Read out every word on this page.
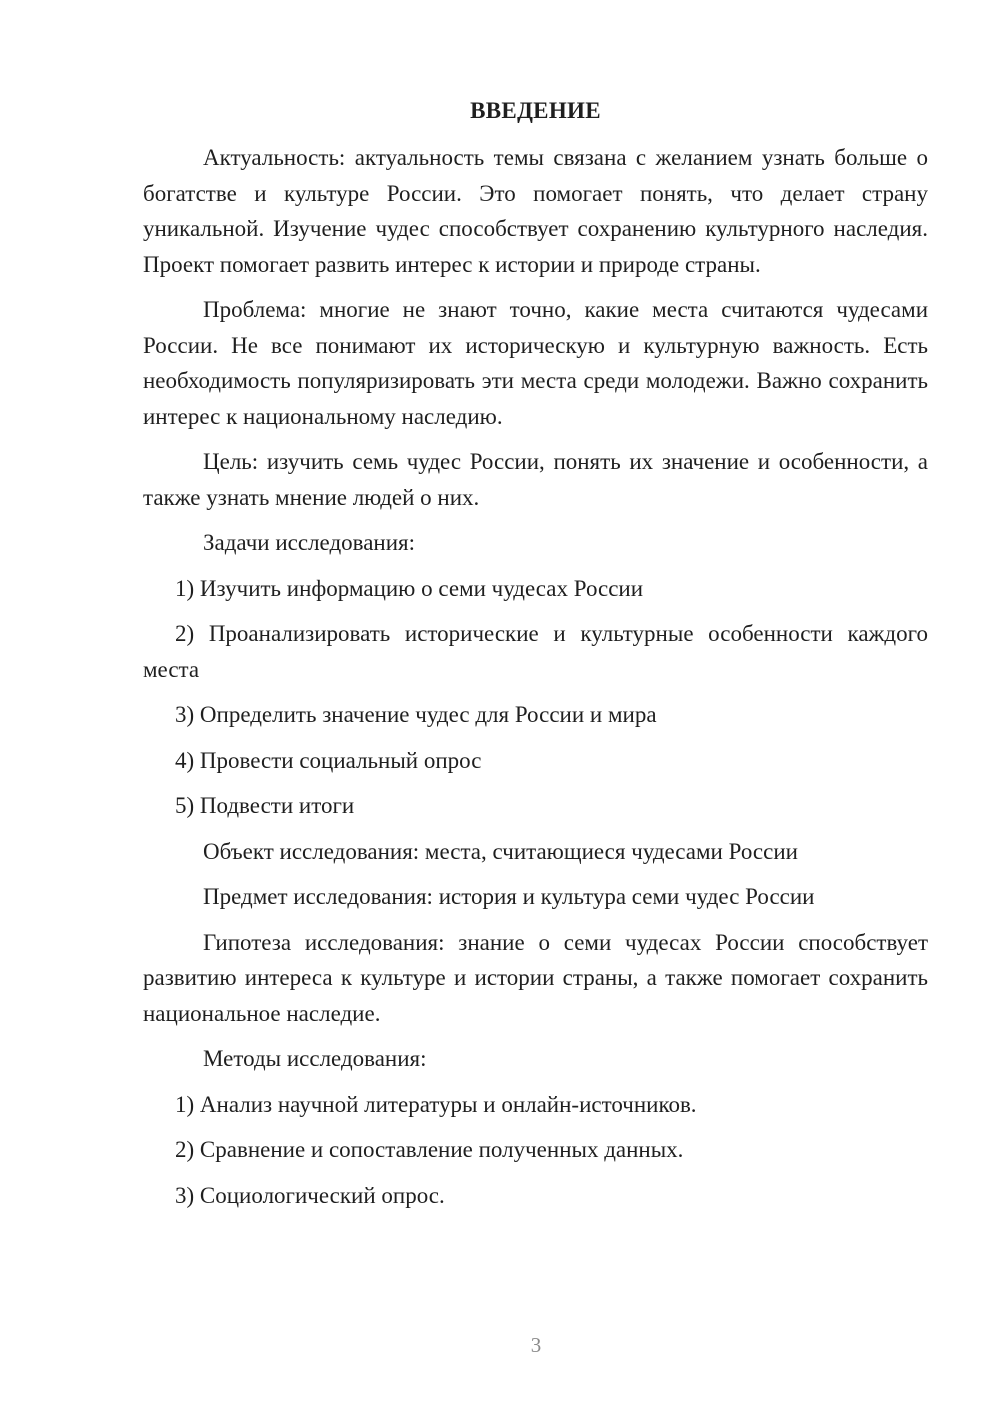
ВВЕДЕНИЕ

Актуальность: актуальность темы связана с желанием узнать больше о богатстве и культуре России. Это помогает понять, что делает страну уникальной. Изучение чудес способствует сохранению культурного наследия. Проект помогает развить интерес к истории и природе страны.

Проблема: многие не знают точно, какие места считаются чудесами России. Не все понимают их историческую и культурную важность. Есть необходимость популяризировать эти места среди молодежи. Важно сохранить интерес к национальному наследию.

Цель: изучить семь чудес России, понять их значение и особенности, а также узнать мнение людей о них.

Задачи исследования:

1) Изучить информацию о семи чудесах России

2) Проанализировать исторические и культурные особенности каждого места

3) Определить значение чудес для России и мира

4) Провести социальный опрос

5) Подвести итоги

Объект исследования: места, считающиеся чудесами России

Предмет исследования: история и культура семи чудес России

Гипотеза исследования: знание о семи чудесах России способствует развитию интереса к культуре и истории страны, а также помогает сохранить национальное наследие.

Методы исследования:

1) Анализ научной литературы и онлайн-источников.

2) Сравнение и сопоставление полученных данных.

3) Социологический опрос.

3
